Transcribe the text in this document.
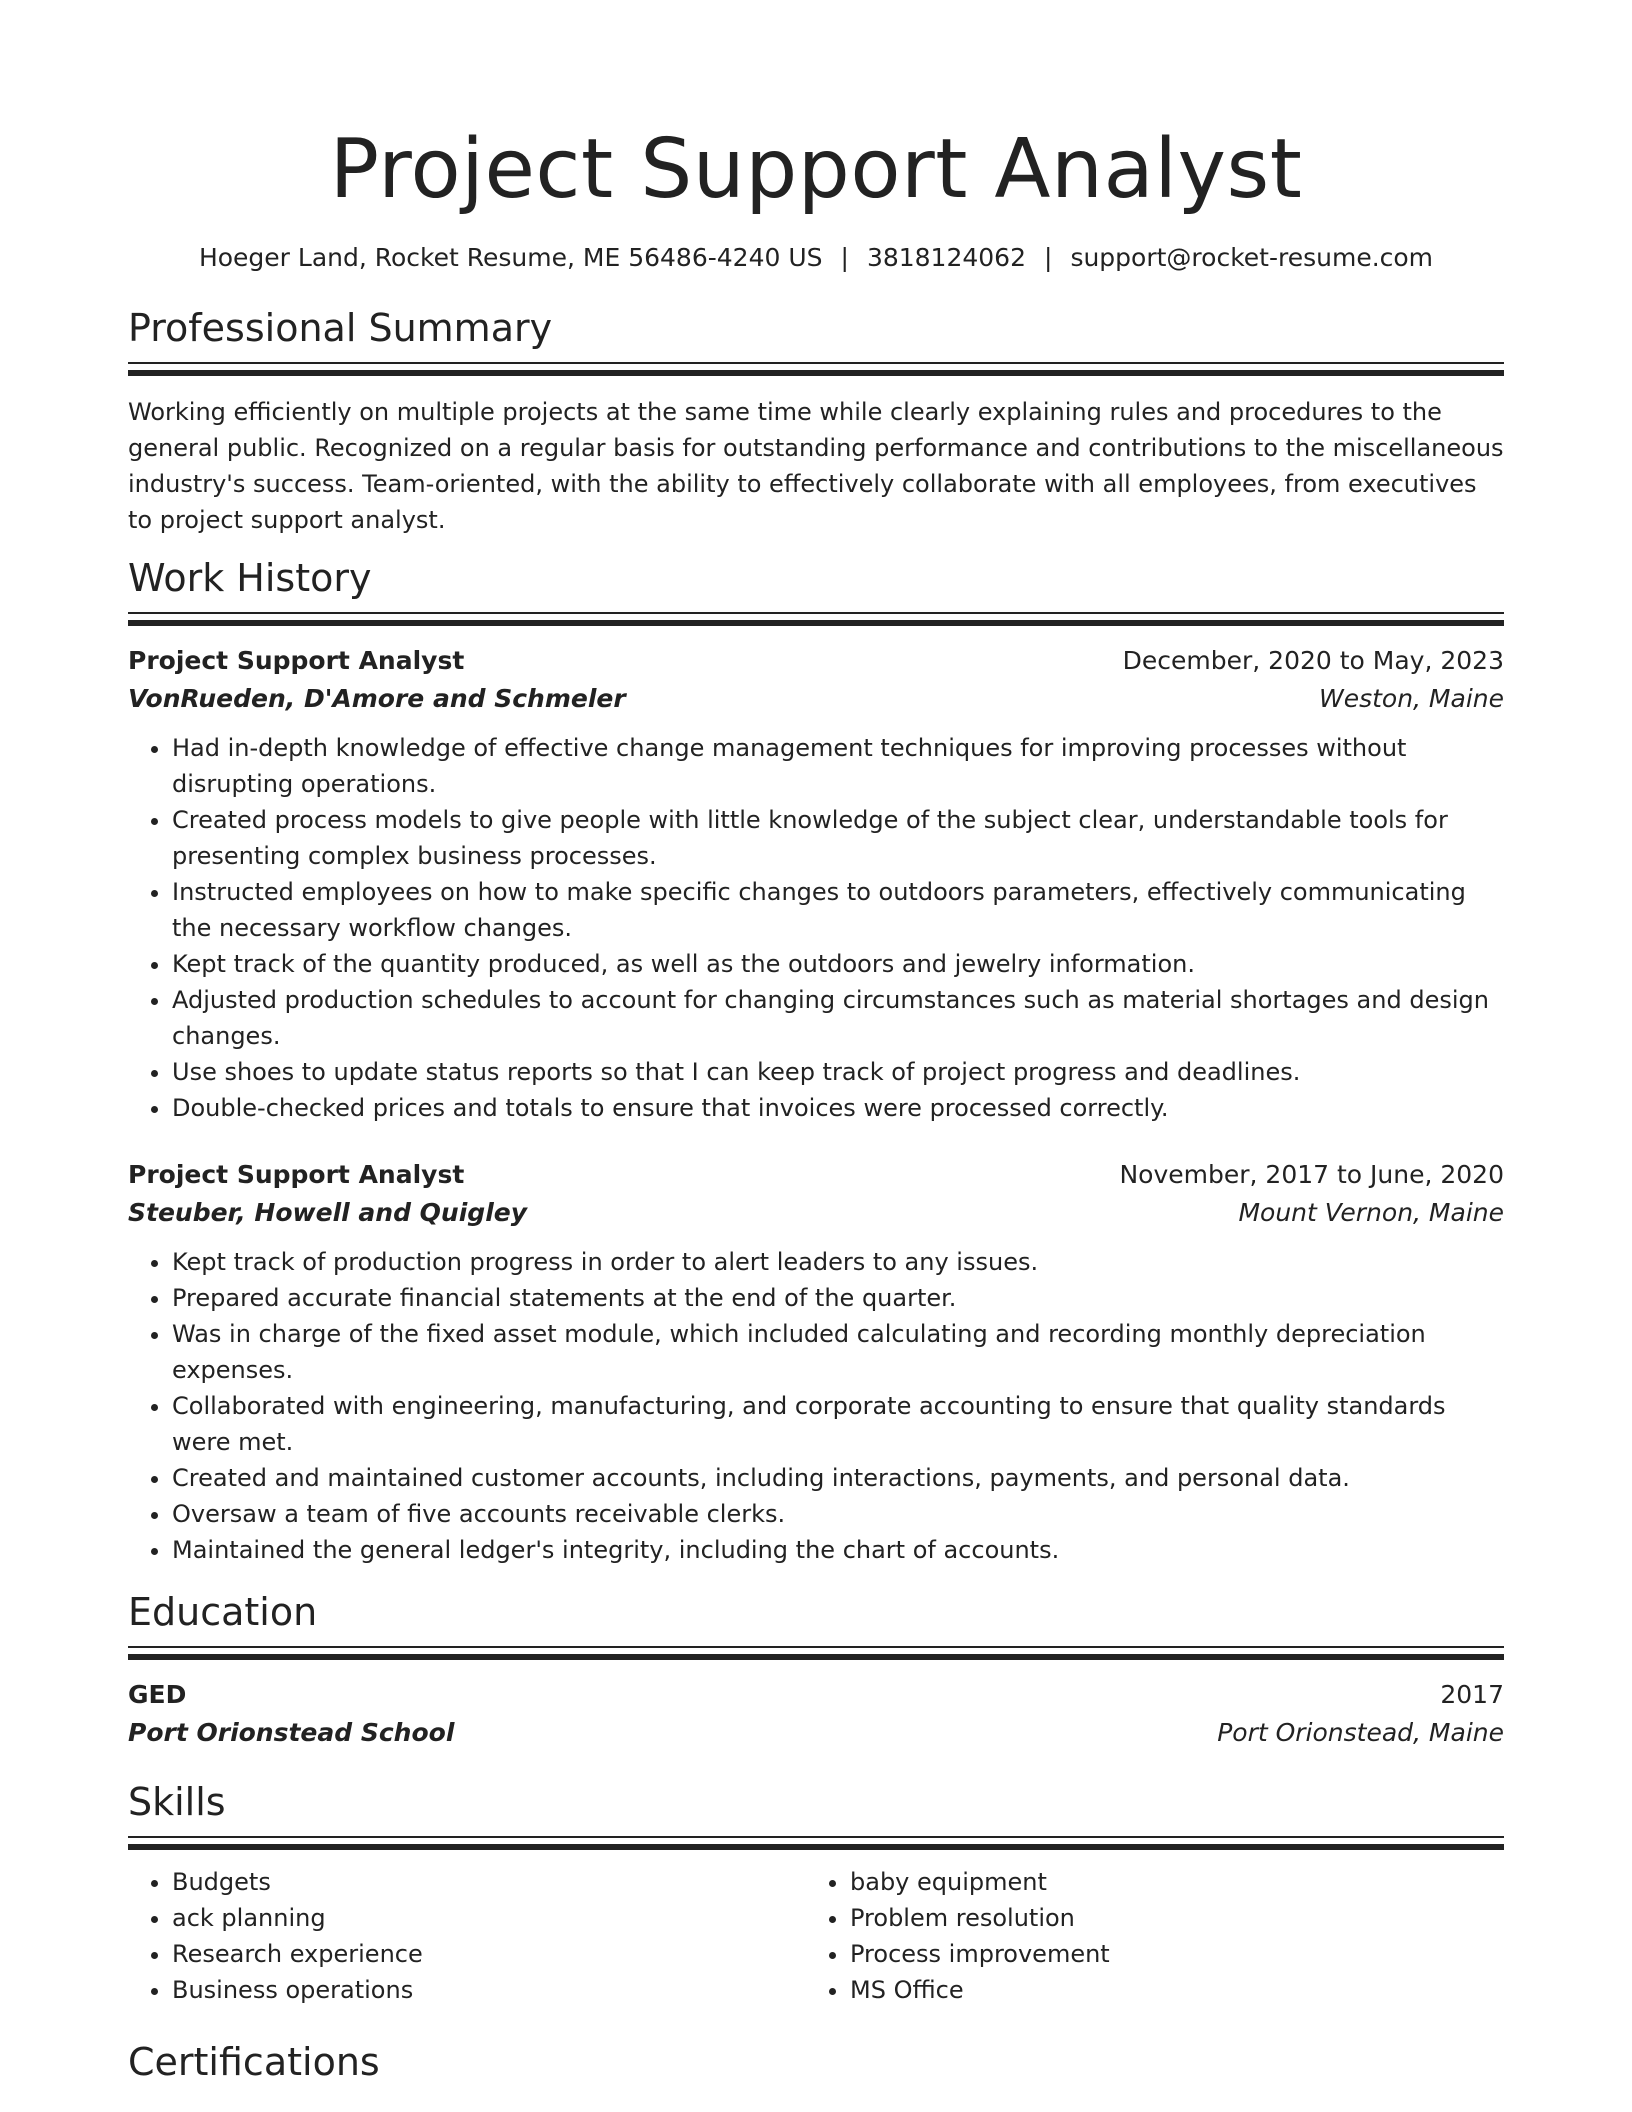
Project Support Analyst
Hoeger Land, Rocket Resume, ME 56486-4240 US | 3818124062 | support@rocket-resume.com
Professional Summary

Working efficiently on multiple projects at the same time while clearly explaining rules and procedures to the general public. Recognized on a regular basis for outstanding performance and contributions to the miscellaneous industry's success. Team-oriented, with the ability to effectively collaborate with all employees, from executives to project support analyst.

Work History
Project Support Analyst	December, 2020 to May, 2023
VonRueden, D'Amore and Schmeler	Weston, Maine
• Had in-depth knowledge of effective change management techniques for improving processes without disrupting operations.
• Created process models to give people with little knowledge of the subject clear, understandable tools for presenting complex business processes.
• Instructed employees on how to make specific changes to outdoors parameters, effectively communicating the necessary workflow changes.
• Kept track of the quantity produced, as well as the outdoors and jewelry information.
• Adjusted production schedules to account for changing circumstances such as material shortages and design changes.
• Use shoes to update status reports so that I can keep track of project progress and deadlines.
• Double-checked prices and totals to ensure that invoices were processed correctly.
Project Support Analyst	November, 2017 to June, 2020
Steuber, Howell and Quigley	Mount Vernon, Maine
• Kept track of production progress in order to alert leaders to any issues.
• Prepared accurate financial statements at the end of the quarter.
• Was in charge of the fixed asset module, which included calculating and recording monthly depreciation expenses.
• Collaborated with engineering, manufacturing, and corporate accounting to ensure that quality standards were met.
• Created and maintained customer accounts, including interactions, payments, and personal data.
• Oversaw a team of five accounts receivable clerks.
• Maintained the general ledger's integrity, including the chart of accounts.
Education
GED	2017
Port Orionstead School	Port Orionstead, Maine
Skills
• Budgets
• ack planning
• Research experience
• Business operations
• baby equipment
• Problem resolution
• Process improvement
• MS Office
Certifications
